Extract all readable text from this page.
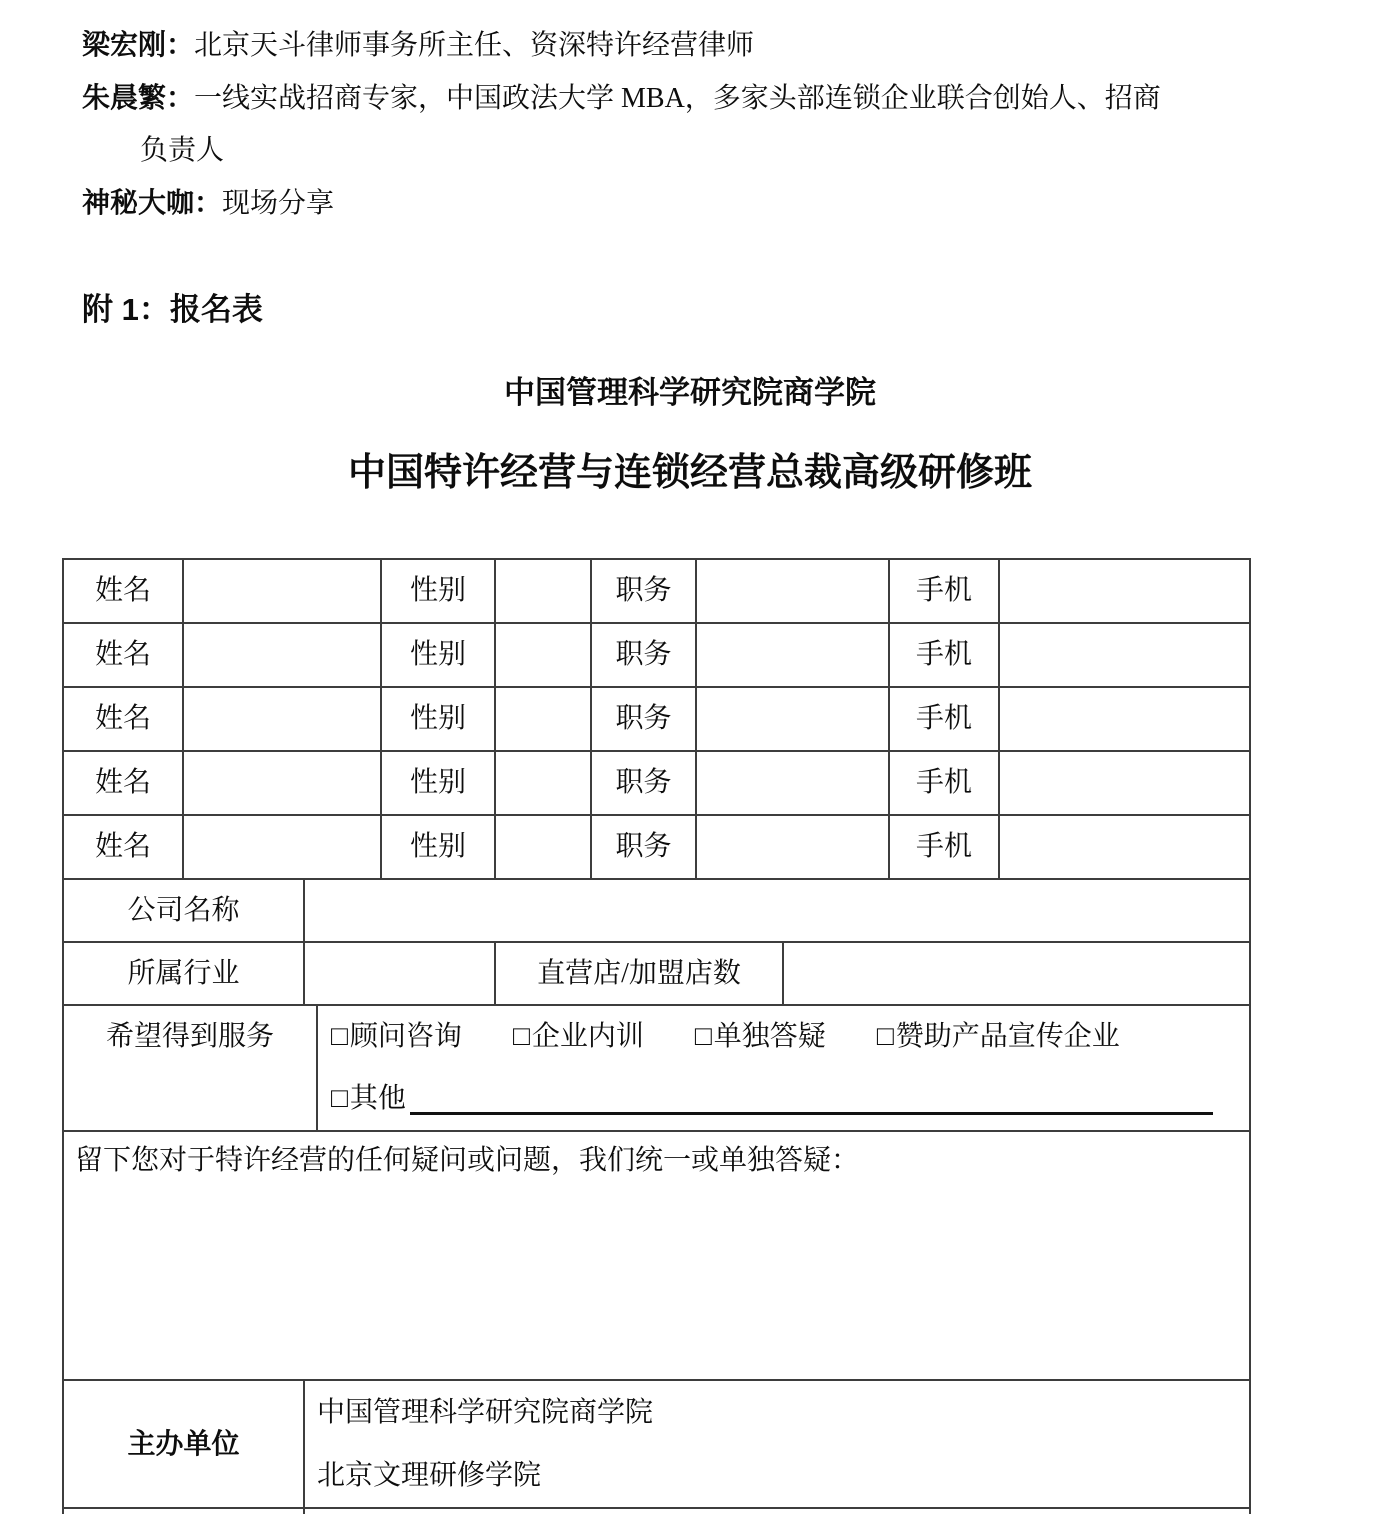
梁宏刚：北京天斗律师事务所主任、资深特许经营律师
朱晨繁：一线实战招商专家，中国政法大学 MBA，多家头部连锁企业联合创始人、招商
负责人
神秘大咖：现场分享
附 1：报名表
中国管理科学研究院商学院
中国特许经营与连锁经营总裁高级研修班
姓名	性别	职务	手机
姓名	性别	职务	手机
姓名	性别	职务	手机
姓名	性别	职务	手机
姓名	性别	职务	手机
公司名称
所属行业	直营店/加盟店数
希望得到服务	□顾问咨询 □企业内训 □单独答疑 □赞助产品宣传企业
□其他
留下您对于特许经营的任何疑问或问题，我们统一或单独答疑：
主办单位
中国管理科学研究院商学院
北京文理研修学院
